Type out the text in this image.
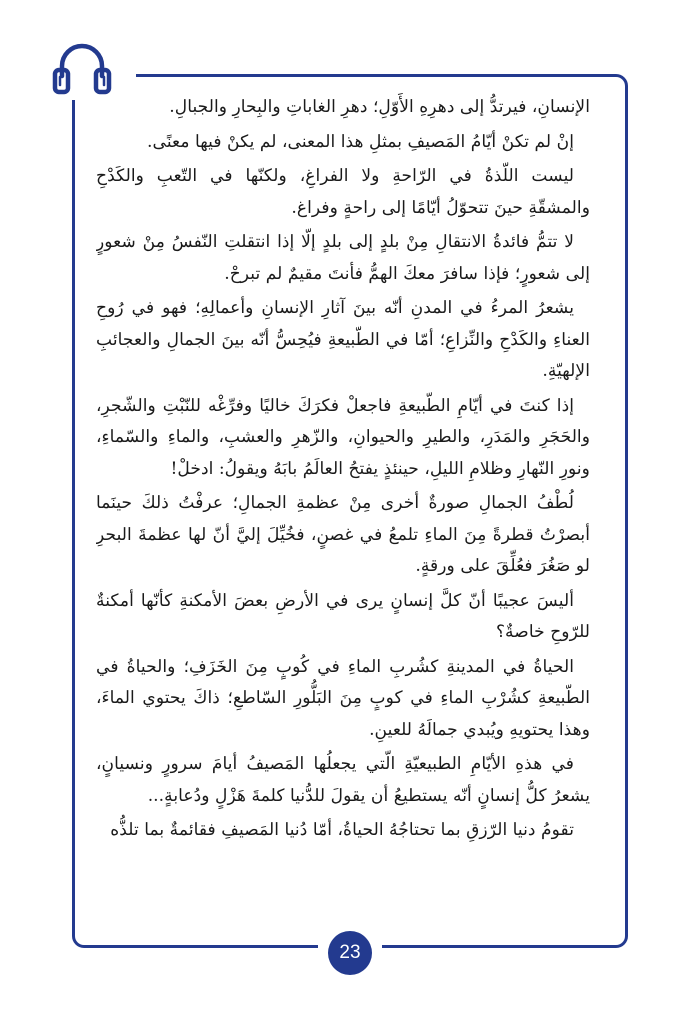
الإنسانِ، فيرتدُّ إلى دهرِهِ الأَوّلِ؛ دهرِ الغاباتِ والبِحارِ والجبالِ.

إنْ لم تكنْ أيّامُ المَصيفِ بمثلِ هذا المعنى، لم يكنْ فيها معنًى.

ليست اللّذةُ في الرّاحةِ ولا الفراغِ، ولكنّها في التّعبِ والكَدْحِ والمشقّةِ حينَ تتحوّلُ أيّامًا إلى راحةٍ وفراغ.

لا تتمُّ فائدةُ الانتقالِ مِنْ بلدٍ إلى بلدٍ إلّا إذا انتقلتِ النّفسُ مِنْ شعورٍ إلى شعورٍ؛ فإذا سافرَ معكَ الهمُّ فأنتَ مقيمٌ لم تبرحْ.

يشعرُ المرءُ في المدنِ أنّه بينَ آثارِ الإنسانِ وأعمالِهِ؛ فهو في رُوحِ العناءِ والكَدْحِ والنِّزاعِ؛ أمّا في الطّبيعةِ فيُحِسُّ أنّه بينَ الجمالِ والعجائبِ الإلهيّةِ.

إذا كنتَ في أيّامِ الطّبيعةِ فاجعلْ فكرَكَ خاليًا وفرِّغْه للنّبْتِ والشّجرِ، والحَجَرِ والمَدَرِ، والطيرِ والحيوانِ، والزّهرِ والعشبِ، والماءِ والسّماءِ، ونورِ النّهارِ وظلامِ الليلِ، حينئذٍ يفتحُ العالَمُ بابَهُ ويقولُ: ادخلْ!

لُطْفُ الجمالِ صورةٌ أخرى مِنْ عظمةِ الجمالِ؛ عرفْتُ ذلكَ حينَما أبصرْتُ قطرةً مِنَ الماءِ تلمعُ في غصنٍ، فخُيِّلَ إليَّ أنّ لها عظمةَ البحرِ لو صَغُرَ فعُلِّقَ على ورقةٍ.

أليسَ عجيبًا أنّ كلَّ إنسانٍ يرى في الأرضِ بعضَ الأمكنةِ كأنّها أمكنةٌ للرّوحِ خاصةٌ؟

الحياةُ في المدينةِ كشُربِ الماءِ في كُوبٍ مِنَ الخَزَفِ؛ والحياةُ في الطّبيعةِ كشُرْبِ الماءِ في كوبٍ مِنَ البَلُّورِ السّاطعِ؛ ذاكَ يحتوي الماءَ، وهذا يحتويهِ ويُبدي جمالَهُ للعينِ.

في هذهِ الأيّامِ الطبيعيّةِ الّتي يجعلُها المَصيفُ أيامَ سرورٍ ونسيانٍ، يشعرُ كلُّ إنسانٍ أنّه يستطيعُ أن يقولَ للدُّنيا كلمةَ هَزْلٍ ودُعابةٍ...

تقومُ دنيا الرّزقِ بما تحتاجُهُ الحياةُ، أمّا دُنيا المَصيفِ فقائمةٌ بما تلذُّه

23
